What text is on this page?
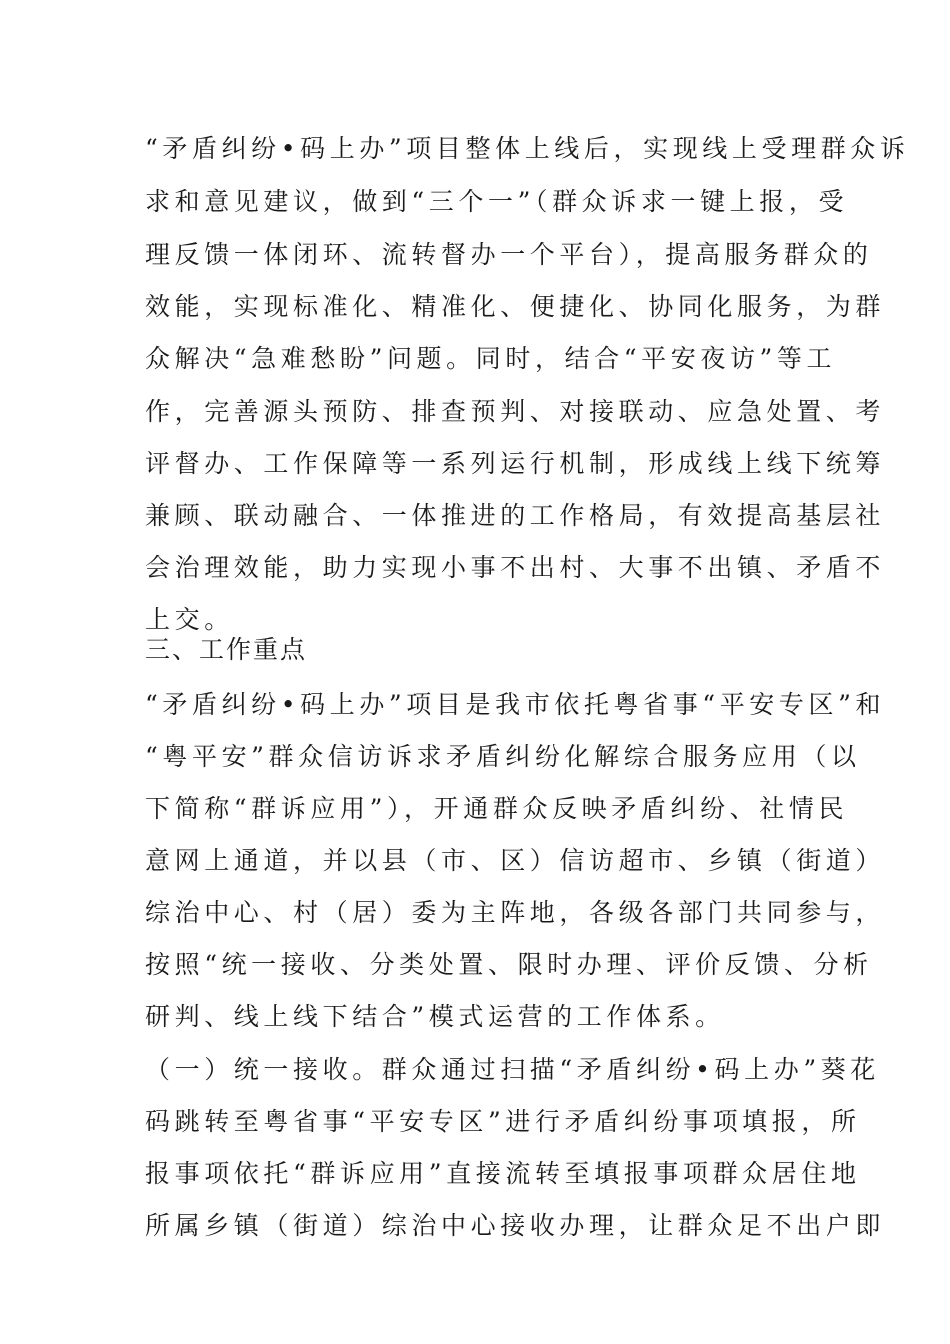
“矛盾纠纷•码上办”项目整体上线后，实现线上受理群众诉
求和意见建议，做到“三个一”（群众诉求一键上报，受
理反馈一体闭环、流转督办一个平台），提高服务群众的
效能，实现标准化、精准化、便捷化、协同化服务，为群
众解决“急难愁盼”问题。同时，结合“平安夜访”等工
作，完善源头预防、排查预判、对接联动、应急处置、考
评督办、工作保障等一系列运行机制，形成线上线下统筹
兼顾、联动融合、一体推进的工作格局，有效提高基层社
会治理效能，助力实现小事不出村、大事不出镇、矛盾不
上交。
三、工作重点
“矛盾纠纷•码上办”项目是我市依托粤省事“平安专区”和
“粤平安”群众信访诉求矛盾纠纷化解综合服务应用（以
下简称“群诉应用”），开通群众反映矛盾纠纷、社情民
意网上通道，并以县（市、区）信访超市、乡镇（街道）
综治中心、村（居）委为主阵地，各级各部门共同参与，
按照“统一接收、分类处置、限时办理、评价反馈、分析
研判、线上线下结合”模式运营的工作体系。
（一）统一接收。群众通过扫描“矛盾纠纷•码上办”葵花
码跳转至粤省事“平安专区”进行矛盾纠纷事项填报，所
报事项依托“群诉应用”直接流转至填报事项群众居住地
所属乡镇（街道）综治中心接收办理，让群众足不出户即
